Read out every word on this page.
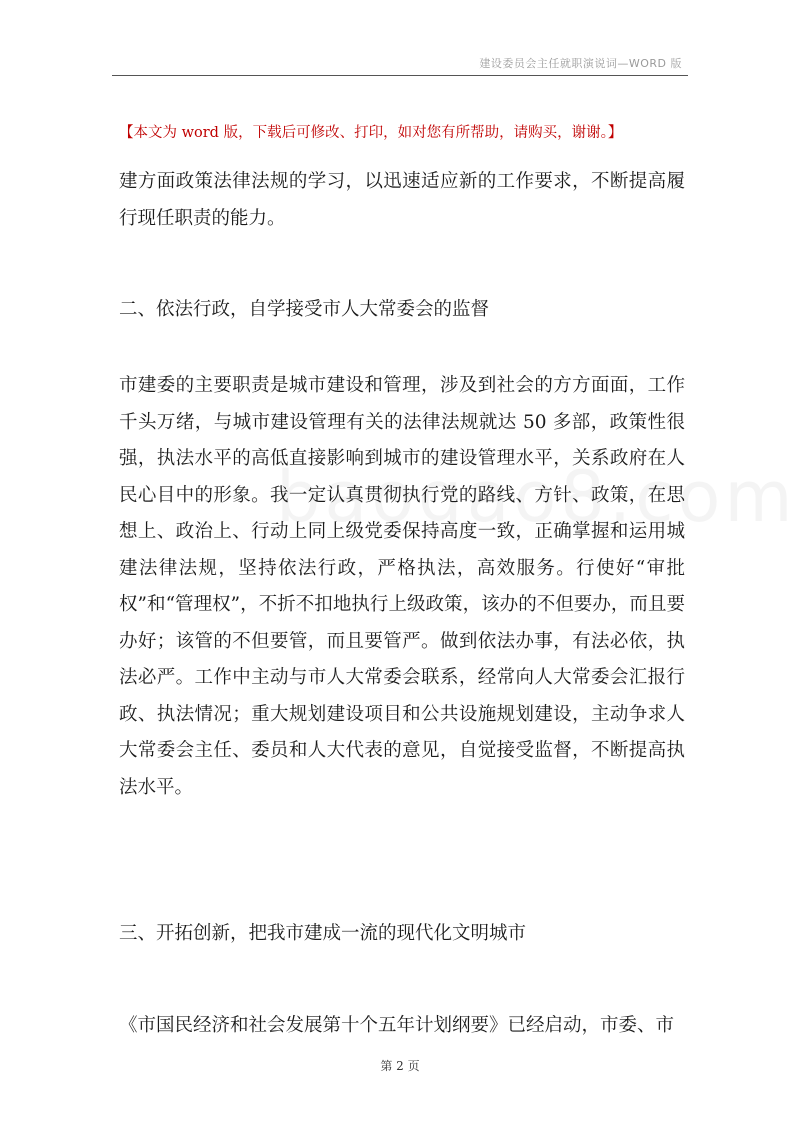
建设委员会主任就职演说词—WORD 版
【本文为 word 版，下载后可修改、打印，如对您有所帮助，请购买，谢谢。】

建方面政策法律法规的学习，以迅速适应新的工作要求，不断提高履行现任职责的能力。

二、依法行政，自学接受市人大常委会的监督

市建委的主要职责是城市建设和管理，涉及到社会的方方面面，工作千头万绪，与城市建设管理有关的法律法规就达 50 多部，政策性很强，执法水平的高低直接影响到城市的建设管理水平，关系政府在人民心目中的形象。我一定认真贯彻执行党的路线、方针、政策，在思想上、政治上、行动上同上级党委保持高度一致，正确掌握和运用城建法律法规，坚持依法行政，严格执法，高效服务。行使好“审批权”和“管理权”，不折不扣地执行上级政策，该办的不但要办，而且要办好；该管的不但要管，而且要管严。做到依法办事，有法必依，执法必严。工作中主动与市人大常委会联系，经常向人大常委会汇报行政、执法情况；重大规划建设项目和公共设施规划建设，主动争求人大常委会主任、委员和人大代表的意见，自觉接受监督，不断提高执法水平。

三、开拓创新，把我市建成一流的现代化文明城市

《市国民经济和社会发展第十个五年计划纲要》已经启动，市委、市

第 2 页
